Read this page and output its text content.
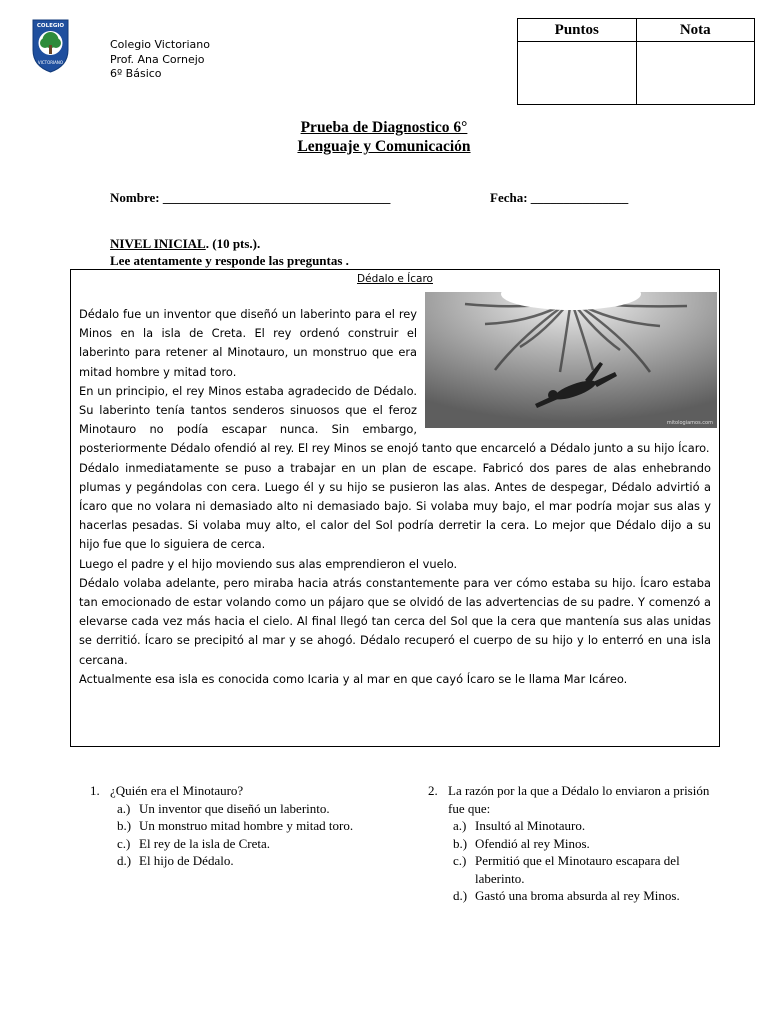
COLEGIO
VICTORIANO
Colegio Victoriano
Prof. Ana Cornejo
6º Básico
Puntos	Nota

Prueba de Diagnostico 6°
Lenguaje y Comunicación
Nombre: ___________________________________	Fecha: _______________
NIVEL INICIAL. (10 pts.).
Lee atentamente y responde las preguntas .
Dédalo e Ícaro
mitologiamos.com

Dédalo fue un inventor que diseñó un laberinto para el rey Minos en la isla de Creta. El rey ordenó construir el laberinto para retener al Minotauro, un monstruo que era mitad hombre y mitad toro.

En un principio, el rey Minos estaba agradecido de Dédalo. Su laberinto tenía tantos senderos sinuosos que el feroz Minotauro no podía escapar nunca. Sin embargo, posteriormente Dédalo ofendió al rey. El rey Minos se enojó tanto que encarceló a Dédalo junto a su hijo Ícaro.

Dédalo inmediatamente se puso a trabajar en un plan de escape. Fabricó dos pares de alas enhebrando plumas y pegándolas con cera. Luego él y su hijo se pusieron las alas. Antes de despegar, Dédalo advirtió a Ícaro que no volara ni demasiado alto ni demasiado bajo. Si volaba muy bajo, el mar podría mojar sus alas y hacerlas pesadas. Si volaba muy alto, el calor del Sol podría derretir la cera. Lo mejor que Dédalo dijo a su hijo fue que lo siguiera de cerca.

Luego el padre y el hijo moviendo sus alas emprendieron el vuelo.

Dédalo volaba adelante, pero miraba hacia atrás constantemente para ver cómo estaba su hijo. Ícaro estaba tan emocionado de estar volando como un pájaro que se olvidó de las advertencias de su padre. Y comenzó a elevarse cada vez más hacia el cielo. Al final llegó tan cerca del Sol que la cera que mantenía sus alas unidas se derritió. Ícaro se precipitó al mar y se ahogó. Dédalo recuperó el cuerpo de su hijo y lo enterró en una isla cercana.

Actualmente esa isla es conocida como Icaria y al mar en que cayó Ícaro se le llama Mar Icáreo.

1. ¿Quién era el Minotauro?
a.) Un inventor que diseñó un laberinto.
b.) Un monstruo mitad hombre y mitad toro.
c.) El rey de la isla de Creta.
d.) El hijo de Dédalo.
2. La razón por la que a Dédalo lo enviaron a prisión fue que:
a.) Insultó al Minotauro.
b.) Ofendió al rey Minos.
c.) Permitió que el Minotauro escapara del laberinto.
d.) Gastó una broma absurda al rey Minos.
